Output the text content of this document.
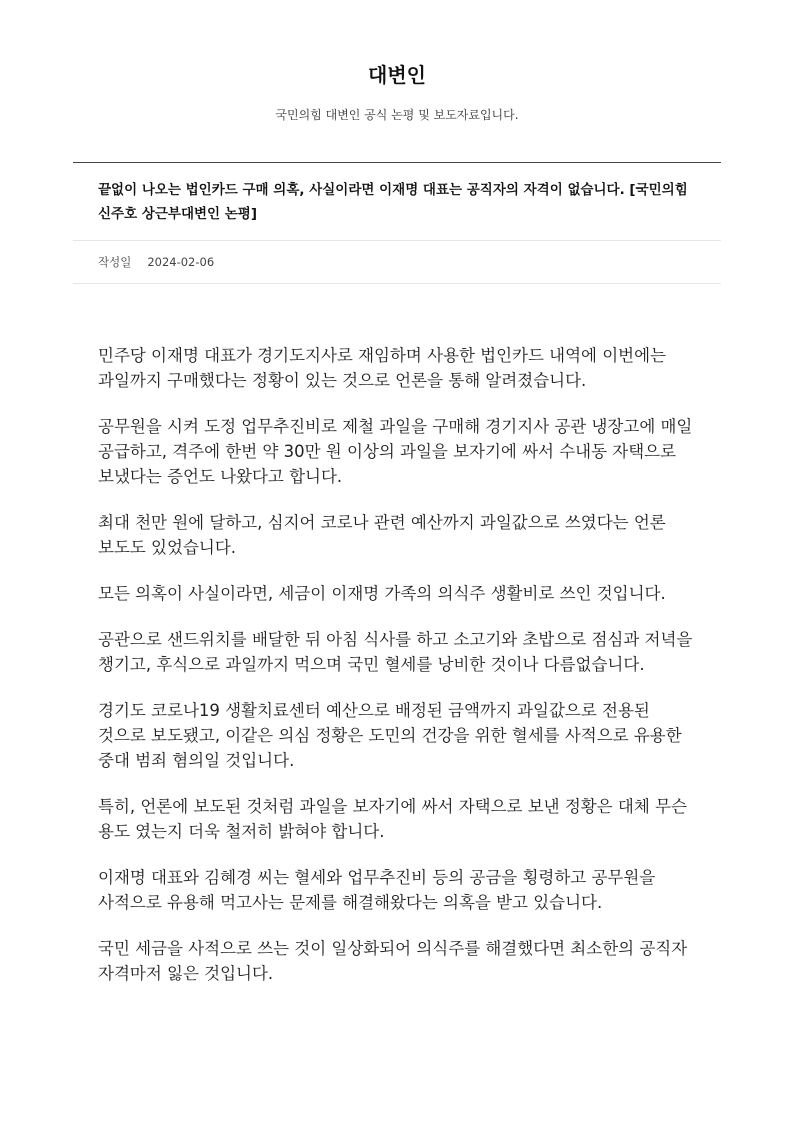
대변인
국민의힘 대변인 공식 논평 및 보도자료입니다.
끝없이 나오는 법인카드 구매 의혹, 사실이라면 이재명 대표는 공직자의 자격이 없습니다. [국민의힘 신주호 상근부대변인 논평]
작성일 2024-02-06

민주당 이재명 대표가 경기도지사로 재임하며 사용한 법인카드 내역에 이번에는 과일까지 구매했다는 정황이 있는 것으로 언론을 통해 알려졌습니다.

공무원을 시켜 도정 업무추진비로 제철 과일을 구매해 경기지사 공관 냉장고에 매일 공급하고, 격주에 한번 약 30만 원 이상의 과일을 보자기에 싸서 수내동 자택으로 보냈다는 증언도 나왔다고 합니다.

최대 천만 원에 달하고, 심지어 코로나 관련 예산까지 과일값으로 쓰였다는 언론 보도도 있었습니다.

모든 의혹이 사실이라면, 세금이 이재명 가족의 의식주 생활비로 쓰인 것입니다.

공관으로 샌드위치를 배달한 뒤 아침 식사를 하고 소고기와 초밥으로 점심과 저녁을 챙기고, 후식으로 과일까지 먹으며 국민 혈세를 낭비한 것이나 다름없습니다.

경기도 코로나19 생활치료센터 예산으로 배정된 금액까지 과일값으로 전용된 것으로 보도됐고, 이같은 의심 정황은 도민의 건강을 위한 혈세를 사적으로 유용한 중대 범죄 혐의일 것입니다.

특히, 언론에 보도된 것처럼 과일을 보자기에 싸서 자택으로 보낸 정황은 대체 무슨 용도 였는지 더욱 철저히 밝혀야 합니다.

이재명 대표와 김혜경 씨는 혈세와 업무추진비 등의 공금을 횡령하고 공무원을 사적으로 유용해 먹고사는 문제를 해결해왔다는 의혹을 받고 있습니다.

국민 세금을 사적으로 쓰는 것이 일상화되어 의식주를 해결했다면 최소한의 공직자 자격마저 잃은 것입니다.
